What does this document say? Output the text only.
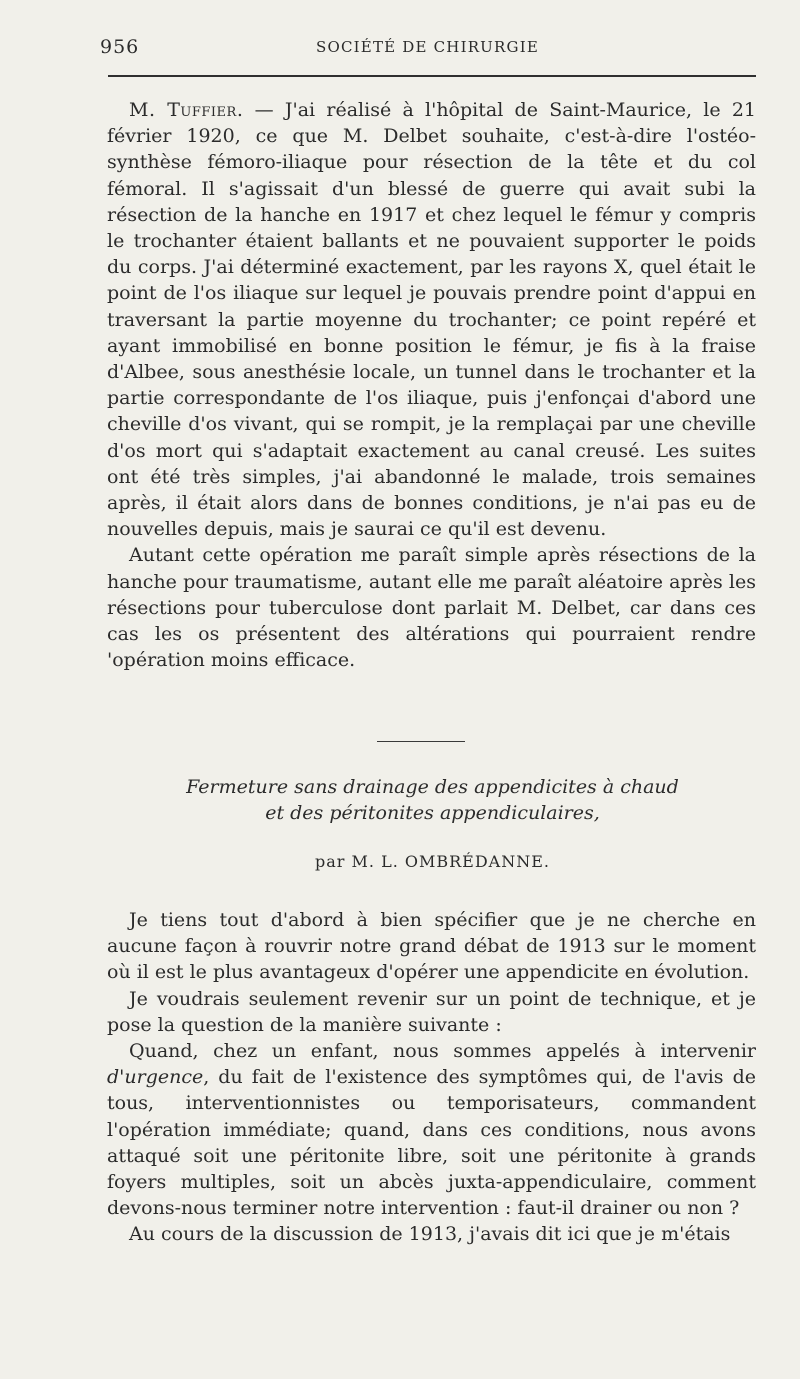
956	SOCIÉTÉ DE CHIRURGIE

M. Tuffier. — J'ai réalisé à l'hôpital de Saint-Maurice, le 21 février 1920, ce que M. Delbet souhaite, c'est-à-dire l'ostéo-synthèse fémoro-iliaque pour résection de la tête et du col fémoral. Il s'agissait d'un blessé de guerre qui avait subi la résection de la hanche en 1917 et chez lequel le fémur y compris le trochanter étaient ballants et ne pouvaient supporter le poids du corps. J'ai déterminé exactement, par les rayons X, quel était le point de l'os iliaque sur lequel je pouvais prendre point d'appui en traversant la partie moyenne du trochanter; ce point repéré et ayant immobilisé en bonne position le fémur, je fis à la fraise d'Albee, sous anesthésie locale, un tunnel dans le trochanter et la partie correspondante de l'os iliaque, puis j'enfonçai d'abord une cheville d'os vivant, qui se rompit, je la remplaçai par une cheville d'os mort qui s'adaptait exactement au canal creusé. Les suites ont été très simples, j'ai abandonné le malade, trois semaines après, il était alors dans de bonnes conditions, je n'ai pas eu de nouvelles depuis, mais je saurai ce qu'il est devenu.

Autant cette opération me paraît simple après résections de la hanche pour traumatisme, autant elle me paraît aléatoire après les résections pour tuberculose dont parlait M. Delbet, car dans ces cas les os présentent des altérations qui pourraient rendre 'opération moins efficace.

Fermeture sans drainage des appendicites à chaud
et des péritonites appendiculaires,
par M. L. OMBRÉDANNE.

Je tiens tout d'abord à bien spécifier que je ne cherche en aucune façon à rouvrir notre grand débat de 1913 sur le moment où il est le plus avantageux d'opérer une appendicite en évolution.

Je voudrais seulement revenir sur un point de technique, et je pose la question de la manière suivante :

Quand, chez un enfant, nous sommes appelés à intervenir d'urgence, du fait de l'existence des symptômes qui, de l'avis de tous, interventionnistes ou temporisateurs, commandent l'opération immédiate; quand, dans ces conditions, nous avons attaqué soit une péritonite libre, soit une péritonite à grands foyers multiples, soit un abcès juxta-appendiculaire, comment devons-nous terminer notre intervention : faut-il drainer ou non ?

Au cours de la discussion de 1913, j'avais dit ici que je m'étais
